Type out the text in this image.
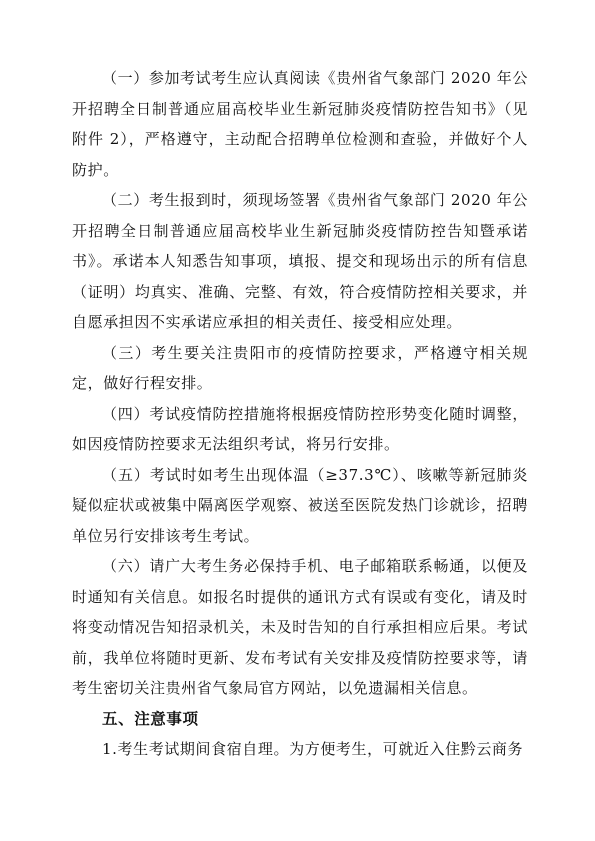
（一）参加考试考生应认真阅读《贵州省气象部门 2020 年公开招聘全日制普通应届高校毕业生新冠肺炎疫情防控告知书》（见附件 2），严格遵守，主动配合招聘单位检测和查验，并做好个人防护。

（二）考生报到时，须现场签署《贵州省气象部门 2020 年公开招聘全日制普通应届高校毕业生新冠肺炎疫情防控告知暨承诺书》。承诺本人知悉告知事项，填报、提交和现场出示的所有信息（证明）均真实、准确、完整、有效，符合疫情防控相关要求，并自愿承担因不实承诺应承担的相关责任、接受相应处理。

（三）考生要关注贵阳市的疫情防控要求，严格遵守相关规定，做好行程安排。

（四）考试疫情防控措施将根据疫情防控形势变化随时调整，如因疫情防控要求无法组织考试，将另行安排。

（五）考试时如考生出现体温（≥37.3℃）、咳嗽等新冠肺炎疑似症状或被集中隔离医学观察、被送至医院发热门诊就诊，招聘单位另行安排该考生考试。

（六）请广大考生务必保持手机、电子邮箱联系畅通，以便及时通知有关信息。如报名时提供的通讯方式有误或有变化，请及时将变动情况告知招录机关，未及时告知的自行承担相应后果。考试前，我单位将随时更新、发布考试有关安排及疫情防控要求等，请考生密切关注贵州省气象局官方网站，以免遗漏相关信息。

五、注意事项

1.考生考试期间食宿自理。为方便考生，可就近入住黔云商务
